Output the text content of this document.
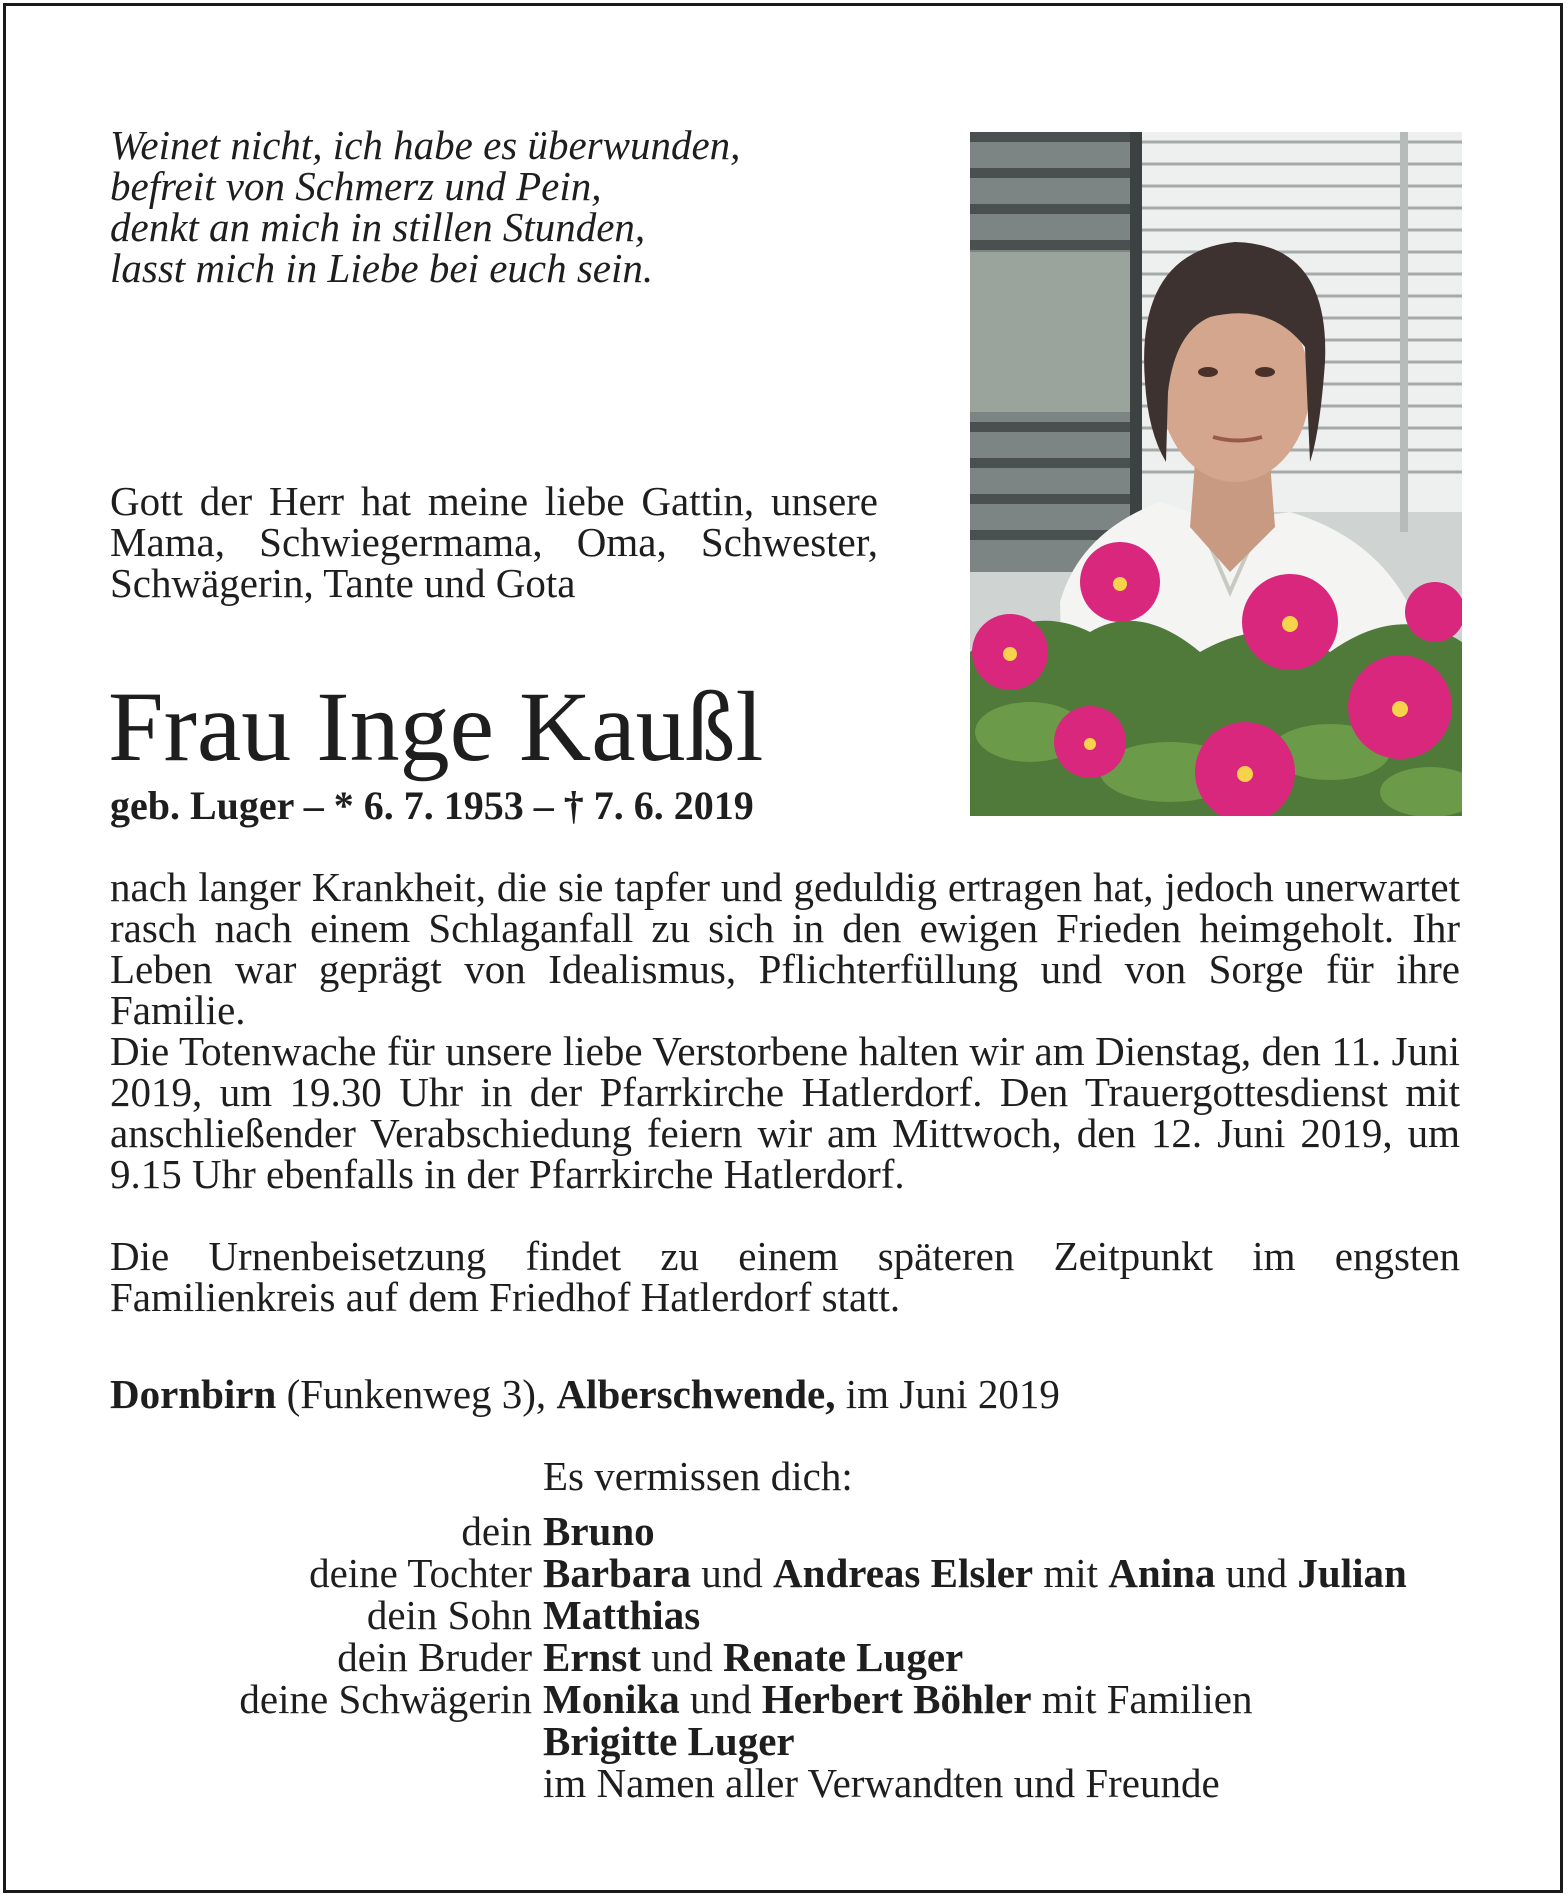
Weinet nicht, ich habe es überwunden,
befreit von Schmerz und Pein,
denkt an mich in stillen Stunden,
lasst mich in Liebe bei euch sein.
Gott der Herr hat meine liebe Gattin, unsere Mama, Schwiegermama, Oma, Schwester, Schwägerin, Tante und Gota
Frau Inge Kaußl
geb. Luger – * 6. 7. 1953 – † 7. 6. 2019

nach langer Krankheit, die sie tapfer und geduldig ertragen hat, jedoch unerwartet rasch nach einem Schlaganfall zu sich in den ewigen Frieden heimgeholt. Ihr Leben war geprägt von Idealismus, Pflichterfüllung und von Sorge für ihre Familie.

Die Totenwache für unsere liebe Verstorbene halten wir am Dienstag, den 11. Juni 2019, um 19.30 Uhr in der Pfarrkirche Hatlerdorf. Den Trauergottesdienst mit anschließender Verabschiedung feiern wir am Mittwoch, den 12. Juni 2019, um 9.15 Uhr ebenfalls in der Pfarrkirche Hatlerdorf.

Die Urnenbeisetzung findet zu einem späteren Zeitpunkt im engsten Familienkreis auf dem Friedhof Hatlerdorf statt.

Dornbirn (Funkenweg 3), Alberschwende, im Juni 2019
Es vermissen dich:
dein Bruno
deine Tochter Barbara und Andreas Elsler mit Anina und Julian
dein Sohn Matthias
dein Bruder Ernst und Renate Luger
deine Schwägerin Monika und Herbert Böhler mit Familien
Brigitte Luger
im Namen aller Verwandten und Freunde
